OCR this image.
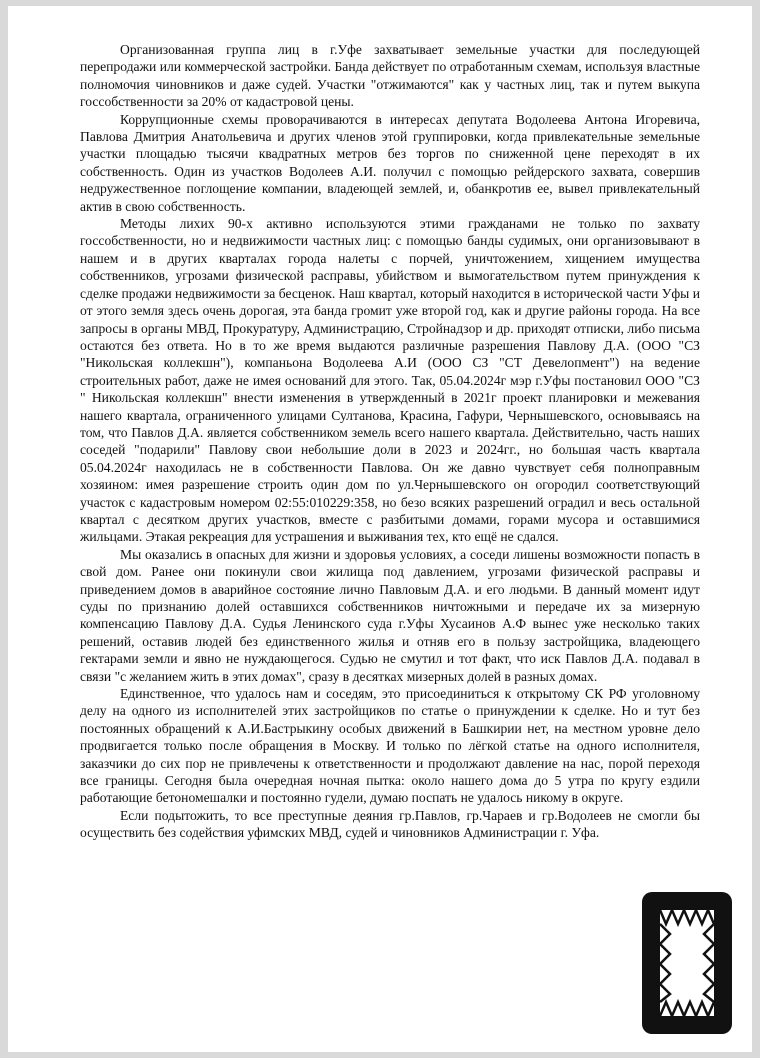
Организованная группа лиц в г.Уфе захватывает земельные участки для последующей перепродажи или коммерческой застройки. Банда действует по отработанным схемам, используя властные полномочия чиновников и даже судей. Участки "отжимаются" как у частных лиц, так и путем выкупа госсобственности за 20% от кадастровой цены.

Коррупционные схемы проворачиваются в интересах депутата Водолеева Антона Игоревича, Павлова Дмитрия Анатольевича и других членов этой группировки, когда привлекательные земельные участки площадью тысячи квадратных метров без торгов по сниженной цене переходят в их собственность. Один из участков Водолеев А.И. получил с помощью рейдерского захвата, совершив недружественное поглощение компании, владеющей землей, и, обанкротив ее, вывел привлекательный актив в свою собственность.

Методы лихих 90-х активно используются этими гражданами не только по захвату госсобственности, но и недвижимости частных лиц: с помощью банды судимых, они организовывают в нашем и в других кварталах города налеты с порчей, уничтожением, хищением имущества собственников, угрозами физической расправы, убийством и вымогательством путем принуждения к сделке продажи недвижимости за бесценок. Наш квартал, который находится в исторической части Уфы и от этого земля здесь очень дорогая, эта банда громит уже второй год, как и другие районы города. На все запросы в органы МВД, Прокуратуру, Администрацию, Стройнадзор и др. приходят отписки, либо письма остаются без ответа. Но в то же время выдаются различные разрешения Павлову Д.А. (ООО "СЗ "Никольская коллекшн"), компаньона Водолеева А.И (ООО СЗ "СТ Девелопмент") на ведение строительных работ, даже не имея оснований для этого. Так, 05.04.2024г мэр г.Уфы постановил ООО "СЗ " Никольская коллекшн" внести изменения в утвержденный в 2021г проект планировки и межевания нашего квартала, ограниченного улицами Султанова, Красина, Гафури, Чернышевского, основываясь на том, что Павлов Д.А. является собственником земель всего нашего квартала. Действительно, часть наших соседей "подарили" Павлову свои небольшие доли в 2023 и 2024гг., но большая часть квартала 05.04.2024г находилась не в собственности Павлова. Он же давно чувствует себя полноправным хозяином: имея разрешение строить один дом по ул.Чернышевского он огородил соответствующий участок с кадастровым номером 02:55:010229:358, но безо всяких разрешений оградил и весь остальной квартал с десятком других участков, вместе с разбитыми домами, горами мусора и оставшимися жильцами. Этакая рекреация для устрашения и выживания тех, кто ещё не сдался.

Мы оказались в опасных для жизни и здоровья условиях, а соседи лишены возможности попасть в свой дом. Ранее они покинули свои жилища под давлением, угрозами физической расправы и приведением домов в аварийное состояние лично Павловым Д.А. и его людьми. В данный момент идут суды по признанию долей оставшихся собственников ничтожными и передаче их за мизерную компенсацию Павлову Д.А. Судья Ленинского суда г.Уфы Хусаинов А.Ф вынес уже несколько таких решений, оставив людей без единственного жилья и отняв его в пользу застройщика, владеющего гектарами земли и явно не нуждающегося. Судью не смутил и тот факт, что иск Павлов Д.А. подавал в связи "с желанием жить в этих домах", сразу в десятках мизерных долей в разных домах.

Единственное, что удалось нам и соседям, это присоединиться к открытому СК РФ уголовному делу на одного из исполнителей этих застройщиков по статье о принуждении к сделке. Но и тут без постоянных обращений к А.И.Бастрыкину особых движений в Башкирии нет, на местном уровне дело продвигается только после обращения в Москву. И только по лёгкой статье на одного исполнителя, заказчики до сих пор не привлечены к ответственности и продолжают давление на нас, порой переходя все границы. Сегодня была очередная ночная пытка: около нашего дома до 5 утра по кругу ездили работающие бетономешалки и постоянно гудели, думаю поспать не удалось никому в округе.

Если подытожить, то все преступные деяния гр.Павлов, гр.Чараев и гр.Водолеев не смогли бы осуществить без содействия уфимских МВД, судей и чиновников Администрации г. Уфа.
